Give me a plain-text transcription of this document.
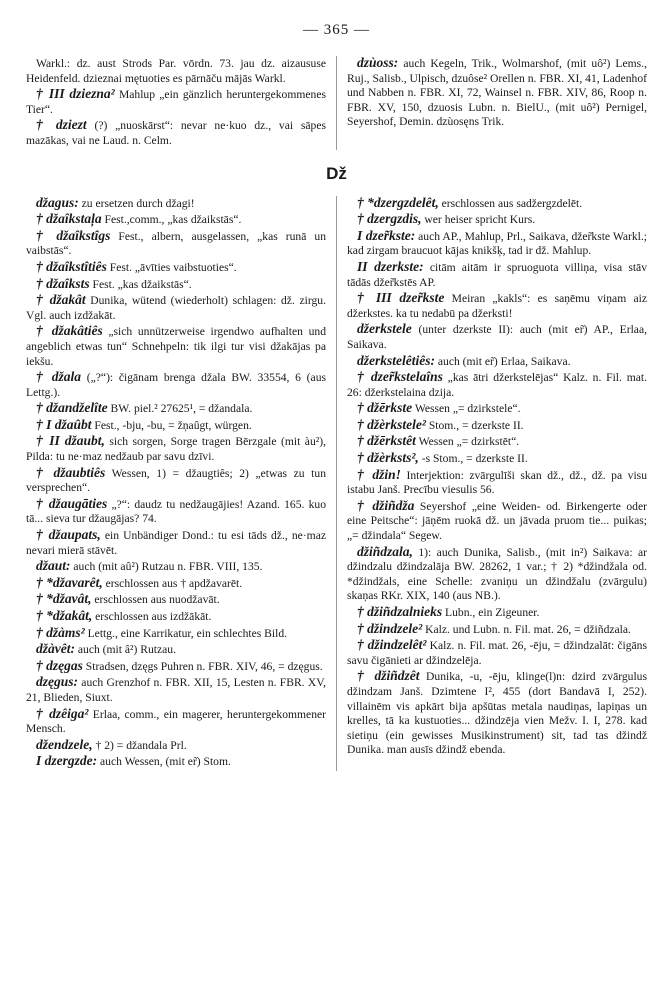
— 365 —

Warkl.: dz. aust Strods Par. vōrdn. 73. jau dz. aizaususe Heidenfeld. dzieznai mętuoties es pārnāču mājās Warkl.

† III dziezna² Mahlup „ein gänzlich heruntergekommenes Tier“.

† dziezt (?) „nuoskārst“: nevar ne·kuo dz., vai sāpes mazākas, vai ne Laud. n. Celm.

dzùoss: auch Kegeln, Trik., Wolmarshof, (mit uô²) Lems., Ruj., Salisb., Ulpisch, dzuôse² Orellen n. FBR. XI, 41, Ladenhof und Nabben n. FBR. XI, 72, Wainsel n. FBR. XIV, 86, Roop n. FBR. XV, 150, dzuosis Lubn. n. BielU., (mit uô²) Pernigel, Seyershof, Demin. dzùosęns Trik.

Dž

džagus: zu ersetzen durch džagi!

† džaîkstaļa Fest.,comm., „kas džaikstās“.

† džaîkstîgs Fest., albern, ausgelassen, „kas runā un vaibstās“.

† džaîkstîtiês Fest. „āvīties vaibstuoties“.

† džaîksts Fest. „kas džaikstās“.

† džakât Dunika, wütend (wiederholt) schlagen: dž. zirgu. Vgl. auch izdžakāt.

† džakâtiês „sich unnützerweise irgendwo aufhalten und angeblich etwas tun“ Schnehpeln: tik ilgi tur visi džakājas pa iekšu.

† džala („?“): čigānam brenga džala BW. 33554, 6 (aus Lettg.).

† džandželîte BW. piel.² 27625¹, = džandala.

† I džaûbt Fest., -bju, -bu, = žņaûgt, würgen.

† II džaubt, sich sorgen, Sorge tragen Bērzgale (mit àu²), Pilda: tu ne·maz nedžaub par savu dzīvi.

† džaubtiês Wessen, 1) = džaugtiês; 2) „etwas zu tun versprechen“.

† džaugāties „?“: daudz tu nedžaugājies! Azand. 165. kuo tā... sieva tur džaugājas? 74.

† džaupats, ein Unbändiger Dond.: tu esi tāds dž., ne·maz nevari mierā stāvēt.

džaut: auch (mit aû²) Rutzau n. FBR. VIII, 135.

† *džavarêt, erschlossen aus † apdžavarēt.

† *džavât, erschlossen aus nuodžavāt.

† *džakât, erschlossen aus izdžākāt.

† džàms² Lettg., eine Karrikatur, ein schlechtes Bild.

džàvêt: auch (mit â²) Rutzau.

† dzęgas Stradsen, dzęgs Puhren n. FBR. XIV, 46, = dzęgus.

dzęgus: auch Grenzhof n. FBR. XII, 15, Lesten n. FBR. XV, 21, Blieden, Siuxt.

† dzêiga² Erlaa, comm., ein magerer, heruntergekommener Mensch.

džendzele, † 2) = džandala Prl.

I dzergzde: auch Wessen, (mit er̃) Stom.

† *dzergzdelêt, erschlossen aus sadžergzdelēt.

† dzergzdis, wer heiser spricht Kurs.

I dzer̃kste: auch AP., Mahlup, Prl., Saikava, džer̃kste Warkl.; kad zirgam braucuot kājas knikšķ, tad ir dž. Mahlup.

II dzerkste: citām aitām ir spruoguota villiņa, visa stāv tādās džer̃kstēs AP.

† III dzer̃kste Meiran „kakls“: es saņēmu viņam aiz džerkstes. ka tu nedabū pa džerksti!

džerkstele (unter dzerkste II): auch (mit er̃) AP., Erlaa, Saikava.

džerkstelêtiês: auch (mit er̃) Erlaa, Saikava.

† dzer̃kstelaîns „kas ātri džerkstelējas“ Kalz. n. Fil. mat. 26: džerkstelaina dzija.

† džērkste Wessen „= dzirkstele“.

† džèrkstele² Stom., = dzerkste II.

† džērkstêt Wessen „= dzirkstēt“.

† džèrksts², -s Stom., = dzerkste II.

† džin! Interjektion: zvārgulīši skan dž., dž., dž. pa visu istabu Janš. Precību viesulis 56.

† džiñdža Seyershof „eine Weiden- od. Birkengerte oder eine Peitsche“: jāņēm ruokā dž. un jāvada pruom tie... puikas; „= džindala“ Segew.

džiñdzala, 1): auch Dunika, Salisb., (mit in²) Saikava: ar džindzalu džindzalāja BW. 28262, 1 var.; † 2) *džindžala od. *džindžals, eine Schelle: zvaniņu un džindžalu (zvārgulu) skaņas RKr. XIX, 140 (aus NB.).

† džiñdzalnieks Lubn., ein Zigeuner.

† džindzele² Kalz. und Lubn. n. Fil. mat. 26, = džiñdzala.

† džindzelêt² Kalz. n. Fil. mat. 26, -ēju, = džindzalāt: čigāns savu čigānieti ar džindzelēja.

† džiñdzêt Dunika, -u, -ēju, klinge(l)n: dzird zvārgulus džindzam Janš. Dzimtene I², 455 (dort Bandavā I, 252). villainēm vis apkārt bija apšūtas metala naudiņas, lapiņas un krelles, tā ka kustuoties... džindzēja vien Mežv. I. I, 278. kad sietiņu (ein gewisses Musikinstrument) sit, tad tas džindž Dunika. man ausīs džindž ebenda.
